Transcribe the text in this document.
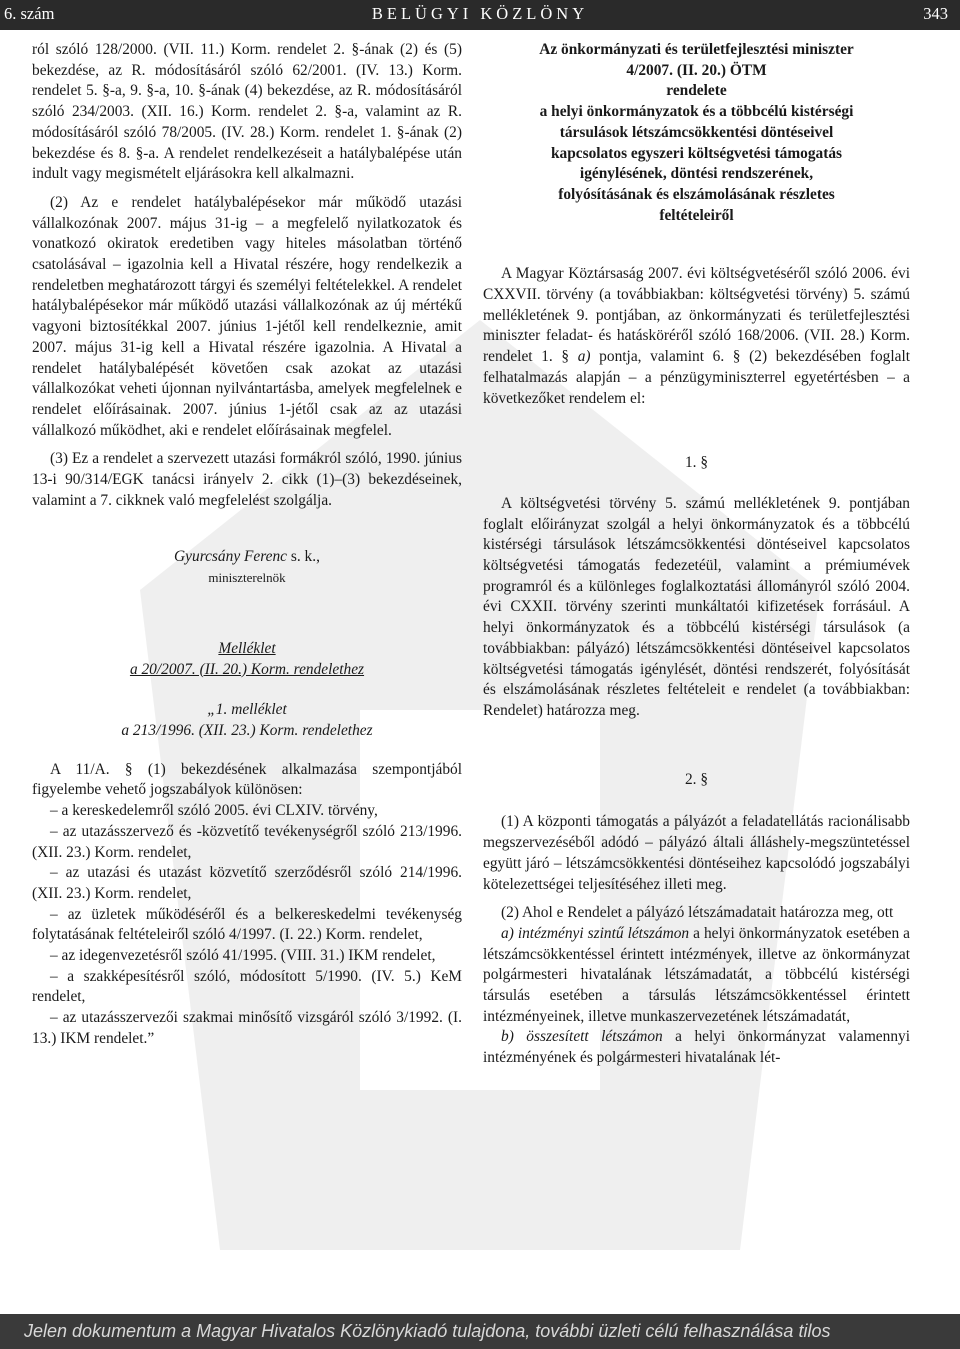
6. szám	BELÜGYI KÖZLÖNY	343

ról szóló 128/2000. (VII. 11.) Korm. rendelet 2. §-ának (2) és (5) bekezdése, az R. módosításáról szóló 62/2001. (IV. 13.) Korm. rendelet 5. §-a, 9. §-a, 10. §-ának (4) bekezdése, az R. módosításáról szóló 234/2003. (XII. 16.) Korm. rendelet 2. §-a, valamint az R. módosításáról szóló 78/2005. (IV. 28.) Korm. rendelet 1. §-ának (2) bekezdése és 8. §-a. A rendelet rendelkezéseit a hatálybalépése után indult vagy megismételt eljárásokra kell alkalmazni.

(2) Az e rendelet hatálybalépésekor már működő utazási vállalkozónak 2007. május 31-ig – a megfelelő nyilatkozatok és vonatkozó okiratok eredetiben vagy hiteles másolatban történő csatolásával – igazolnia kell a Hivatal részére, hogy rendelkezik a rendeletben meghatározott tárgyi és személyi feltételekkel. A rendelet hatálybalépésekor már működő utazási vállalkozónak az új mértékű vagyoni biztosítékkal 2007. június 1-jétől kell rendelkeznie, amit 2007. május 31-ig kell a Hivatal részére igazolnia. A Hivatal a rendelet hatálybalépését követően csak azokat az utazási vállalkozókat veheti újonnan nyilvántartásba, amelyek megfelelnek e rendelet előírásainak. 2007. június 1-jétől csak az az utazási vállalkozó működhet, aki e rendelet előírásainak megfelel.

(3) Ez a rendelet a szervezett utazási formákról szóló, 1990. június 13-i 90/314/EGK tanácsi irányelv 2. cikk (1)–(3) bekezdéseinek, valamint a 7. cikknek való megfelelést szolgálja.

Gyurcsány Ferenc s. k.,

miniszterelnök

Melléklet

a 20/2007. (II. 20.) Korm. rendelethez

„1. melléklet

a 213/1996. (XII. 23.) Korm. rendelethez

A 11/A. § (1) bekezdésének alkalmazása szempontjából figyelembe vehető jogszabályok különösen:

– a kereskedelemről szóló 2005. évi CLXIV. törvény,

– az utazásszervező és -közvetítő tevékenységről szóló 213/1996. (XII. 23.) Korm. rendelet,

– az utazási és utazást közvetítő szerződésről szóló 214/1996. (XII. 23.) Korm. rendelet,

– az üzletek működéséről és a belkereskedelmi tevékenység folytatásának feltételeiről szóló 4/1997. (I. 22.) Korm. rendelet,

– az idegenvezetésről szóló 41/1995. (VIII. 31.) IKM rendelet,

– a szakképesítésről szóló, módosított 5/1990. (IV. 5.) KeM rendelet,

– az utazásszervezői szakmai minősítő vizsgáról szóló 3/1992. (I. 13.) IKM rendelet.”

Az önkormányzati és területfejlesztési miniszter
4/2007. (II. 20.) ÖTM
rendelete
a helyi önkormányzatok és a többcélú kistérségi
társulások létszámcsökkentési döntéseivel
kapcsolatos egyszeri költségvetési támogatás
igénylésének, döntési rendszerének,
folyósításának és elszámolásának részletes
feltételeiről

A Magyar Köztársaság 2007. évi költségvetéséről szóló 2006. évi CXXVII. törvény (a továbbiakban: költségvetési törvény) 5. számú mellékletének 9. pontjában, az önkormányzati és területfejlesztési miniszter feladat- és hatásköréről szóló 168/2006. (VII. 28.) Korm. rendelet 1. § a) pontja, valamint 6. § (2) bekezdésében foglalt felhatalmazás alapján – a pénzügyminiszterrel egyetértésben – a következőket rendelem el:

1. §

A költségvetési törvény 5. számú mellékletének 9. pontjában foglalt előirányzat szolgál a helyi önkormányzatok és a többcélú kistérségi társulások létszámcsökkentési döntéseivel kapcsolatos költségvetési támogatás fedezetéül, valamint a prémiumévek programról és a különleges foglalkoztatási állományról szóló 2004. évi CXXII. törvény szerinti munkáltatói kifizetések forrásául. A helyi önkormányzatok és a többcélú kistérségi társulások (a továbbiakban: pályázó) létszámcsökkentési döntéseivel kapcsolatos költségvetési támogatás igénylését, döntési rendszerét, folyósítását és elszámolásának részletes feltételeit e rendelet (a továbbiakban: Rendelet) határozza meg.

2. §

(1) A központi támogatás a pályázót a feladatellátás racionálisabb megszervezéséből adódó – pályázó általi álláshely-megszüntetéssel együtt járó – létszámcsökkentési döntéseihez kapcsolódó jogszabályi kötelezettségei teljesítéséhez illeti meg.

(2) Ahol e Rendelet a pályázó létszámadatait határozza meg, ott

a) intézményi szintű létszámon a helyi önkormányzatok esetében a létszámcsökkentéssel érintett intézmények, illetve az önkormányzat polgármesteri hivatalának létszámadatát, a többcélú kistérségi társulás esetében a társulás létszámcsökkentéssel érintett intézményeinek, illetve munkaszervezetének létszámadatát,

b) összesített létszámon a helyi önkormányzat valamennyi intézményének és polgármesteri hivatalának lét-

Jelen dokumentum a Magyar Hivatalos Közlönykiadó tulajdona, további üzleti célú felhasználása tilos
